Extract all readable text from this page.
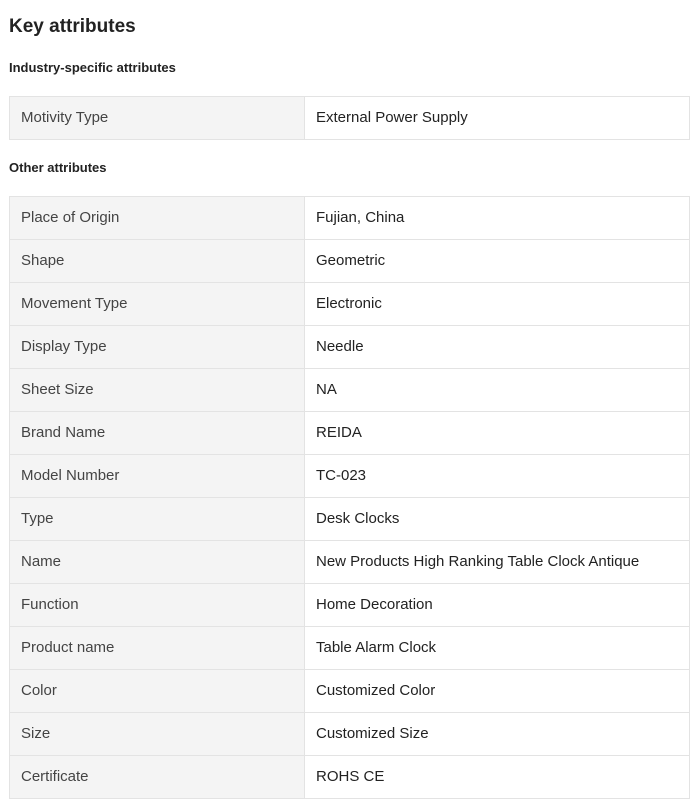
Key attributes
Industry-specific attributes
Motivity Type	External Power Supply
Other attributes
Place of Origin	Fujian, China
Shape	Geometric
Movement Type	Electronic
Display Type	Needle
Sheet Size	NA
Brand Name	REIDA
Model Number	TC-023
Type	Desk Clocks
Name	New Products High Ranking Table Clock Antique
Function	Home Decoration
Product name	Table Alarm Clock
Color	Customized Color
Size	Customized Size
Certificate	ROHS CE
